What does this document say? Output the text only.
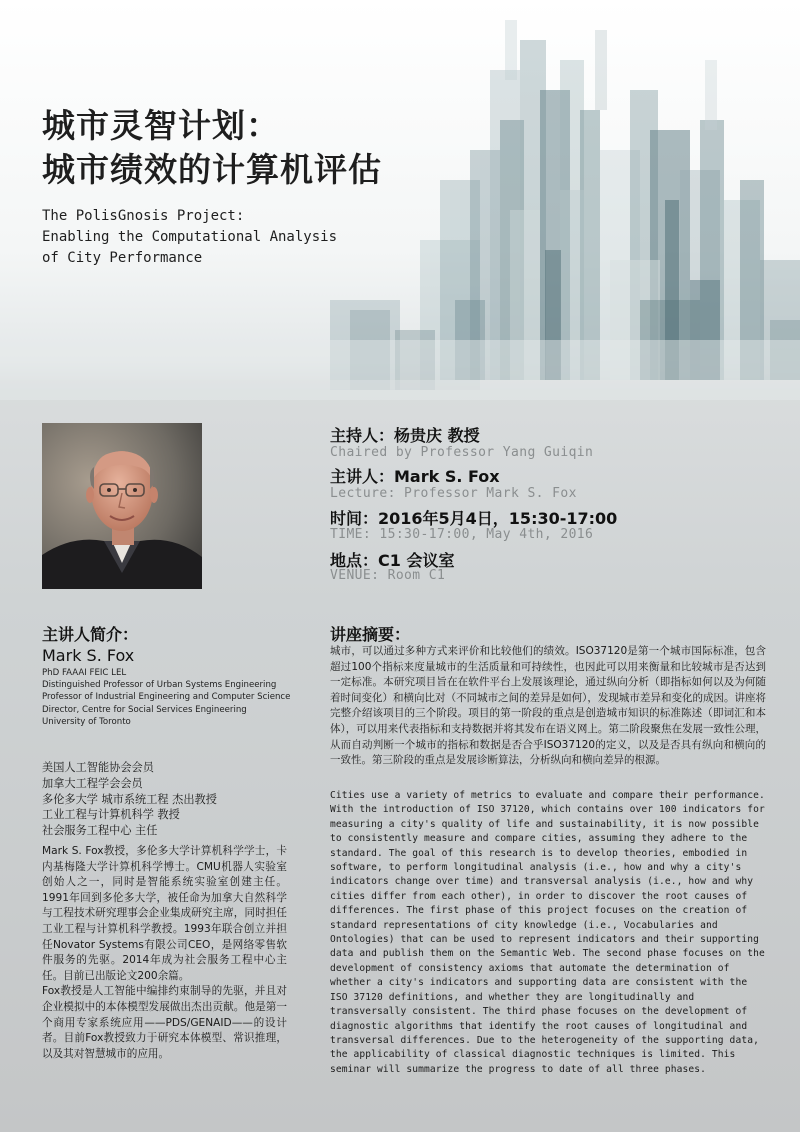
城市灵智计划：
城市绩效的计算机评估
The PolisGnosis Project:
Enabling the Computational Analysis
of City Performance
主持人：杨贵庆 教授
Chaired by Professor Yang Guiqin
主讲人：Mark S. Fox
Lecture: Professor Mark S. Fox
时间：2016年5月4日，15:30-17:00
TIME: 15:30-17:00, May 4th, 2016
地点：C1 会议室
VENUE: Room C1
主讲人简介：
Mark S. Fox
PhD FAAAI FEIC LEL
Distinguished Professor of Urban Systems Engineering
Professor of Industrial Engineering and Computer Science
Director, Centre for Social Services Engineering
University of Toronto
美国人工智能协会会员
加拿大工程学会会员
多伦多大学 城市系统工程 杰出教授
工业工程与计算机科学 教授
社会服务工程中心 主任
Mark S. Fox教授，多伦多大学计算机科学学士，卡内基梅隆大学计算机科学博士。CMU机器人实验室创始人之一，同时是智能系统实验室创建主任。1991年回到多伦多大学，被任命为加拿大自然科学与工程技术研究理事会企业集成研究主席，同时担任工业工程与计算机科学教授。1993年联合创立并担任Novator Systems有限公司CEO，是网络零售软件服务的先驱。2014年成为社会服务工程中心主任。目前已出版论文200余篇。
Fox教授是人工智能中编排约束制导的先驱，并且对企业模拟中的本体模型发展做出杰出贡献。他是第一个商用专家系统应用——PDS/GENAID——的设计者。目前Fox教授致力于研究本体模型、常识推理，以及其对智慧城市的应用。
讲座摘要：
城市，可以通过多种方式来评价和比较他们的绩效。ISO37120是第一个城市国际标准，包含超过100个指标来度量城市的生活质量和可持续性，也因此可以用来衡量和比较城市是否达到一定标准。本研究项目旨在在软件平台上发展该理论，通过纵向分析（即指标如何以及为何随着时间变化）和横向比对（不同城市之间的差异是如何），发现城市差异和变化的成因。讲座将完整介绍该项目的三个阶段。项目的第一阶段的重点是创造城市知识的标准陈述（即词汇和本体），可以用来代表指标和支持数据并将其发布在语义网上。第二阶段聚焦在发展一致性公理，从而自动判断一个城市的指标和数据是否合乎ISO37120的定义，以及是否具有纵向和横向的一致性。第三阶段的重点是发展诊断算法，分析纵向和横向差异的根源。
Cities use a variety of metrics to evaluate and compare their performance. With the introduction of ISO 37120, which contains over 100 indicators for measuring a city's quality of life and sustainability, it is now possible to consistently measure and compare cities, assuming they adhere to the standard. The goal of this research is to develop theories, embodied in software, to perform longitudinal analysis (i.e., how and why a city's indicators change over time) and transversal analysis (i.e., how and why cities differ from each other), in order to discover the root causes of differences. The first phase of this project focuses on the creation of standard representations of city knowledge (i.e., Vocabularies and Ontologies) that can be used to represent indicators and their supporting data and publish them on the Semantic Web. The second phase focuses on the development of consistency axioms that automate the determination of whether a city's indicators and supporting data are consistent with the ISO 37120 definitions, and whether they are longitudinally and transversally consistent. The third phase focuses on the development of diagnostic algorithms that identify the root causes of longitudinal and transversal differences. Due to the heterogeneity of the supporting data, the applicability of classical diagnostic techniques is limited. This seminar will summarize the progress to date of all three phases.
